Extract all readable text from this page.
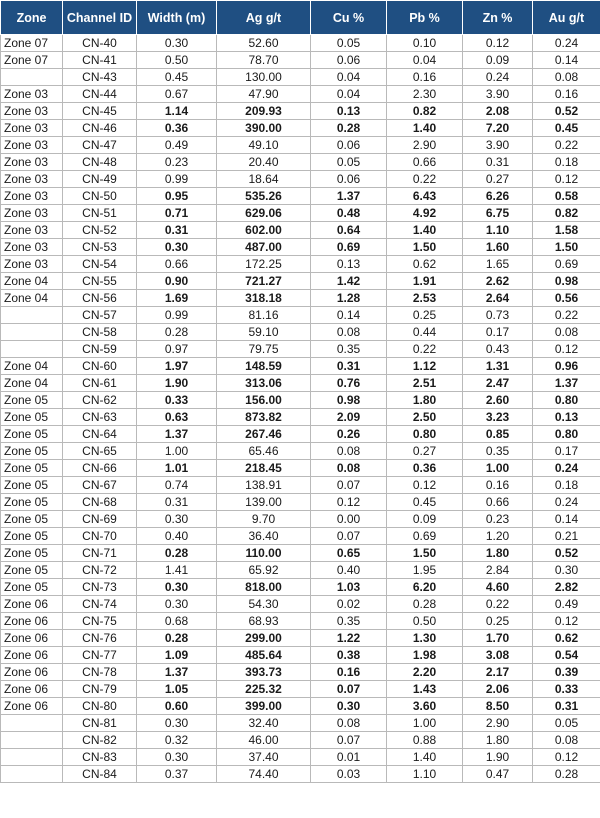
Zone	Channel ID	Width (m)	Ag g/t	Cu %	Pb %	Zn %	Au g/t
Zone 07	CN-40	0.30	52.60	0.05	0.10	0.12	0.24
Zone 07	CN-41	0.50	78.70	0.06	0.04	0.09	0.14
	CN-43	0.45	130.00	0.04	0.16	0.24	0.08
Zone 03	CN-44	0.67	47.90	0.04	2.30	3.90	0.16
Zone 03	CN-45	1.14	209.93	0.13	0.82	2.08	0.52
Zone 03	CN-46	0.36	390.00	0.28	1.40	7.20	0.45
Zone 03	CN-47	0.49	49.10	0.06	2.90	3.90	0.22
Zone 03	CN-48	0.23	20.40	0.05	0.66	0.31	0.18
Zone 03	CN-49	0.99	18.64	0.06	0.22	0.27	0.12
Zone 03	CN-50	0.95	535.26	1.37	6.43	6.26	0.58
Zone 03	CN-51	0.71	629.06	0.48	4.92	6.75	0.82
Zone 03	CN-52	0.31	602.00	0.64	1.40	1.10	1.58
Zone 03	CN-53	0.30	487.00	0.69	1.50	1.60	1.50
Zone 03	CN-54	0.66	172.25	0.13	0.62	1.65	0.69
Zone 04	CN-55	0.90	721.27	1.42	1.91	2.62	0.98
Zone 04	CN-56	1.69	318.18	1.28	2.53	2.64	0.56
	CN-57	0.99	81.16	0.14	0.25	0.73	0.22
	CN-58	0.28	59.10	0.08	0.44	0.17	0.08
	CN-59	0.97	79.75	0.35	0.22	0.43	0.12
Zone 04	CN-60	1.97	148.59	0.31	1.12	1.31	0.96
Zone 04	CN-61	1.90	313.06	0.76	2.51	2.47	1.37
Zone 05	CN-62	0.33	156.00	0.98	1.80	2.60	0.80
Zone 05	CN-63	0.63	873.82	2.09	2.50	3.23	0.13
Zone 05	CN-64	1.37	267.46	0.26	0.80	0.85	0.80
Zone 05	CN-65	1.00	65.46	0.08	0.27	0.35	0.17
Zone 05	CN-66	1.01	218.45	0.08	0.36	1.00	0.24
Zone 05	CN-67	0.74	138.91	0.07	0.12	0.16	0.18
Zone 05	CN-68	0.31	139.00	0.12	0.45	0.66	0.24
Zone 05	CN-69	0.30	9.70	0.00	0.09	0.23	0.14
Zone 05	CN-70	0.40	36.40	0.07	0.69	1.20	0.21
Zone 05	CN-71	0.28	110.00	0.65	1.50	1.80	0.52
Zone 05	CN-72	1.41	65.92	0.40	1.95	2.84	0.30
Zone 05	CN-73	0.30	818.00	1.03	6.20	4.60	2.82
Zone 06	CN-74	0.30	54.30	0.02	0.28	0.22	0.49
Zone 06	CN-75	0.68	68.93	0.35	0.50	0.25	0.12
Zone 06	CN-76	0.28	299.00	1.22	1.30	1.70	0.62
Zone 06	CN-77	1.09	485.64	0.38	1.98	3.08	0.54
Zone 06	CN-78	1.37	393.73	0.16	2.20	2.17	0.39
Zone 06	CN-79	1.05	225.32	0.07	1.43	2.06	0.33
Zone 06	CN-80	0.60	399.00	0.30	3.60	8.50	0.31
	CN-81	0.30	32.40	0.08	1.00	2.90	0.05
	CN-82	0.32	46.00	0.07	0.88	1.80	0.08
	CN-83	0.30	37.40	0.01	1.40	1.90	0.12
	CN-84	0.37	74.40	0.03	1.10	0.47	0.28
